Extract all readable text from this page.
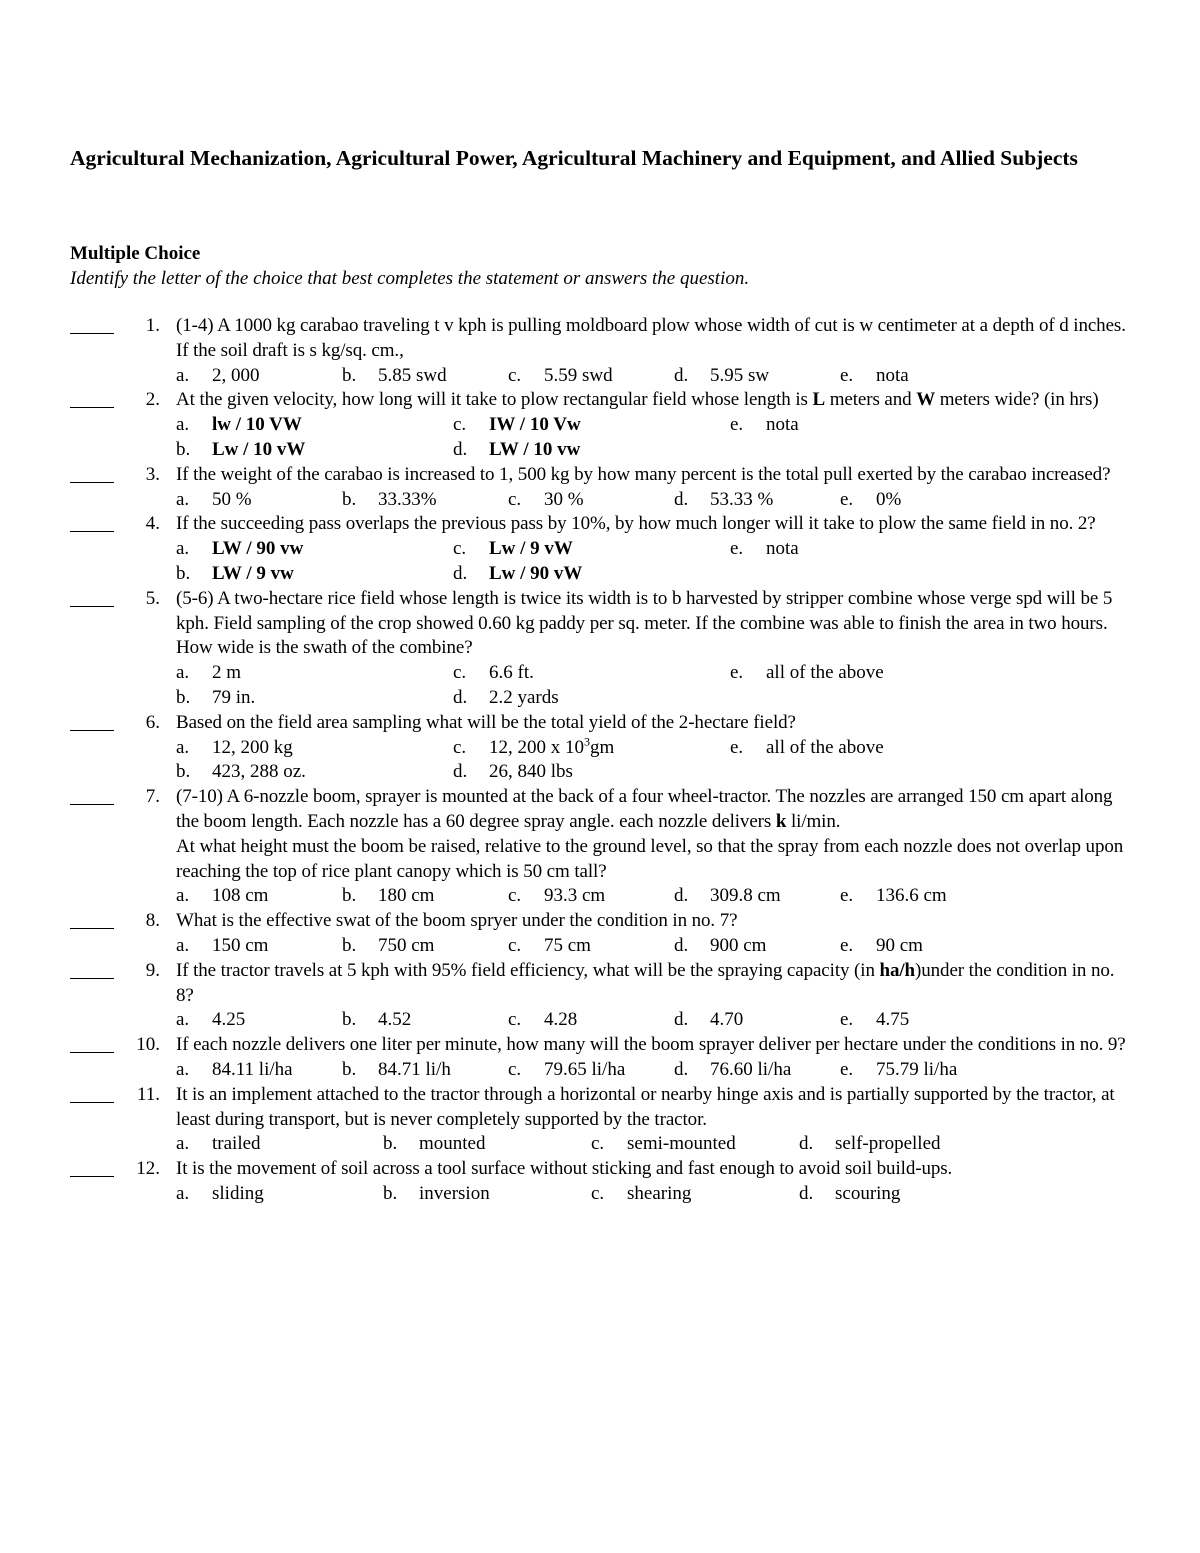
Agricultural Mechanization, Agricultural Power, Agricultural Machinery and Equipment, and Allied Subjects
Multiple Choice

Identify the letter of the choice that best completes the statement or answers the question.

1. (1-4) A 1000 kg carabao traveling t v kph is pulling moldboard plow whose width of cut is w centimeter at a depth of d inches. If the soil draft is s kg/sq. cm.,

a. 2, 000	b. 5.85 swd	c. 5.59 swd	d. 5.95 sw	e. nota
2. At the given velocity, how long will it take to plow rectangular field whose length is L meters and W meters wide? (in hrs)

a. lw / 10 VW	c. IW / 10 Vw	e. nota
b. Lw / 10 vW	d. LW / 10 vw
3. If the weight of the carabao is increased to 1, 500 kg by how many percent is the total pull exerted by the carabao increased?

a. 50 %	b. 33.33%	c. 30 %	d. 53.33 %	e. 0%
4. If the succeeding pass overlaps the previous pass by 10%, by how much longer will it take to plow the same field in no. 2?

a. LW / 90 vw	c. Lw / 9 vW	e. nota
b. LW / 9 vw	d. Lw / 90 vW
5. (5-6) A two-hectare rice field whose length is twice its width is to b harvested by stripper combine whose verge spd will be 5 kph. Field sampling of the crop showed 0.60 kg paddy per sq. meter. If the combine was able to finish the area in two hours.

How wide is the swath of the combine?

a. 2 m	c. 6.6 ft.	e. all of the above
b. 79 in.	d. 2.2 yards
6. Based on the field area sampling what will be the total yield of the 2-hectare field?

a. 12, 200 kg	c. 12, 200 x $10^3gm$	e. all of the above
b. 423, 288 oz.	d. 26, 840 lbs
7. (7-10) A 6-nozzle boom, sprayer is mounted at the back of a four wheel-tractor. The nozzles are arranged 150 cm apart along the boom length. Each nozzle has a 60 degree spray angle. each nozzle delivers k li/min.

At what height must the boom be raised, relative to the ground level, so that the spray from each nozzle does not overlap upon reaching the top of rice plant canopy which is 50 cm tall?

a. 108 cm	b. 180 cm	c. 93.3 cm	d. 309.8 cm	e. 136.6 cm
8. What is the effective swat of the boom spryer under the condition in no. 7?

a. 150 cm	b. 750 cm	c. 75 cm	d. 900 cm	e. 90 cm
9. If the tractor travels at 5 kph with 95% field efficiency, what will be the spraying capacity (in ha/h)under the condition in no. 8?

a. 4.25	b. 4.52	c. 4.28	d. 4.70	e. 4.75
10. If each nozzle delivers one liter per minute, how many will the boom sprayer deliver per hectare under the conditions in no. 9?

a. 84.11 li/ha	b. 84.71 li/h	c. 79.65 li/ha	d. 76.60 li/ha	e. 75.79 li/ha
11. It is an implement attached to the tractor through a horizontal or nearby hinge axis and is partially supported by the tractor, at least during transport, but is never completely supported by the tractor.

a. trailed	b. mounted	c. semi-mounted	d. self-propelled
12. It is the movement of soil across a tool surface without sticking and fast enough to avoid soil build-ups.

a. sliding	b. inversion	c. shearing	d. scouring
